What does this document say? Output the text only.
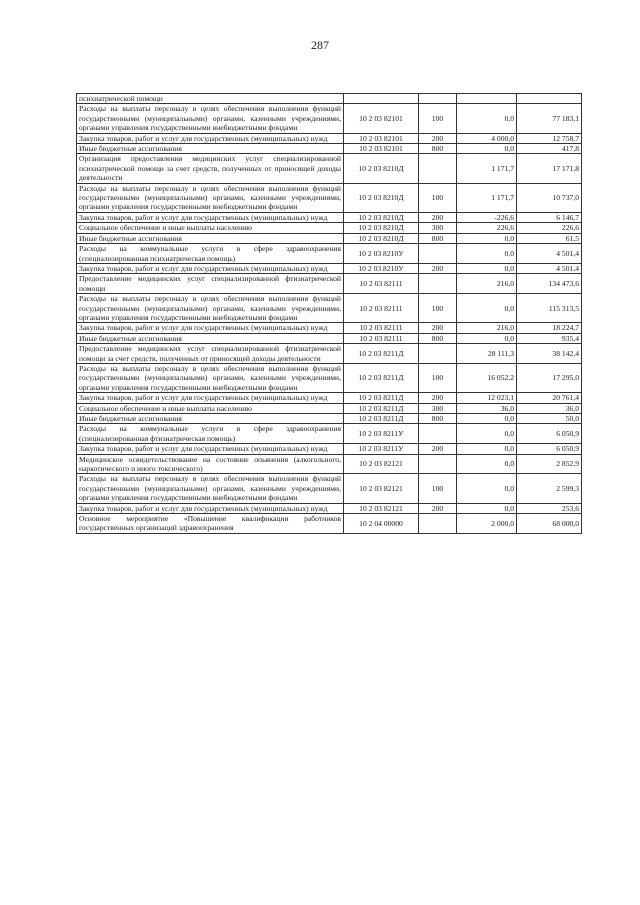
287
психиатрической помощи				
Расходы на выплаты персоналу в целях обеспечения выполнения функций государственными (муниципальными) органами, казенными учреждениями, органами управления государственными внебюджетными фондами	10 2 03 82101	100	0,0	77 183,1
Закупка товаров, работ и услуг для государственных (муниципальных) нужд	10 2 03 82101	200	4 000,0	12 758,7
Иные бюджетные ассигнования	10 2 03 82101	800	0,0	417,8
Организация предоставления медицинских услуг специализированной психиатрической помощи за счет средств, полученных от приносящей доходы деятельности	10 2 03 8210Д		1 171,7	17 171,8
Расходы на выплаты персоналу в целях обеспечения выполнения функций государственными (муниципальными) органами, казенными учреждениями, органами управления государственными внебюджетными фондами	10 2 03 8210Д	100	1 171,7	10 737,0
Закупка товаров, работ и услуг для государственных (муниципальных) нужд	10 2 03 8210Д	200	-226,6	6 146,7
Социальное обеспечение и иные выплаты населению	10 2 03 8210Д	300	226,6	226,6
Иные бюджетные ассигнования	10 2 03 8210Д	800	0,0	61,5
Расходы на коммунальные услуги в сфере здравоохранения (специализированная психиатрическая помощь)	10 2 03 8210У		0,0	4 501,4
Закупка товаров, работ и услуг для государственных (муниципальных) нужд	10 2 03 8210У	200	0,0	4 501,4
Предоставление медицинских услуг специализированной фтизиатрической помощи	10 2 03 82111		216,0	134 473,6
Расходы на выплаты персоналу в целях обеспечения выполнения функций государственными (муниципальными) органами, казенными учреждениями, органами управления государственными внебюджетными фондами	10 2 03 82111	100	0,0	115 313,5
Закупка товаров, работ и услуг для государственных (муниципальных) нужд	10 2 03 82111	200	216,0	18 224,7
Иные бюджетные ассигнования	10 2 03 82111	800	0,0	935,4
Предоставление медицинских услуг специализированной фтизиатрической помощи за счет средств, полученных от приносящей доходы деятельности	10 2 03 8211Д		28 111,3	38 142,4
Расходы на выплаты персоналу в целях обеспечения выполнения функций государственными (муниципальными) органами, казенными учреждениями, органами управления государственными внебюджетными фондами	10 2 03 8211Д	100	16 052,2	17 295,0
Закупка товаров, работ и услуг для государственных (муниципальных) нужд	10 2 03 8211Д	200	12 023,1	20 761,4
Социальное обеспечение и иные выплаты населению	10 2 03 8211Д	300	36,0	36,0
Иные бюджетные ассигнования	10 2 03 8211Д	800	0,0	50,0
Расходы на коммунальные услуги в сфере здравоохранения (специализированная фтизиатрическая помощь)	10 2 03 8211У		0,0	6 050,9
Закупка товаров, работ и услуг для государственных (муниципальных) нужд	10 2 03 8211У	200	0,0	6 050,9
Медицинское освидетельствование на состояние опьянения (алкогольного, наркотического и иного токсического)	10 2 03 82121		0,0	2 852,9
Расходы на выплаты персоналу в целях обеспечения выполнения функций государственными (муниципальными) органами, казенными учреждениями, органами управления государственными внебюджетными фондами	10 2 03 82121	100	0,0	2 599,3
Закупка товаров, работ и услуг для государственных (муниципальных) нужд	10 2 03 82121	200	0,0	253,6
Основное мероприятие «Повышение квалификации работников государственных организаций здравоохранения	10 2 04 00000		2 000,0	68 000,0
